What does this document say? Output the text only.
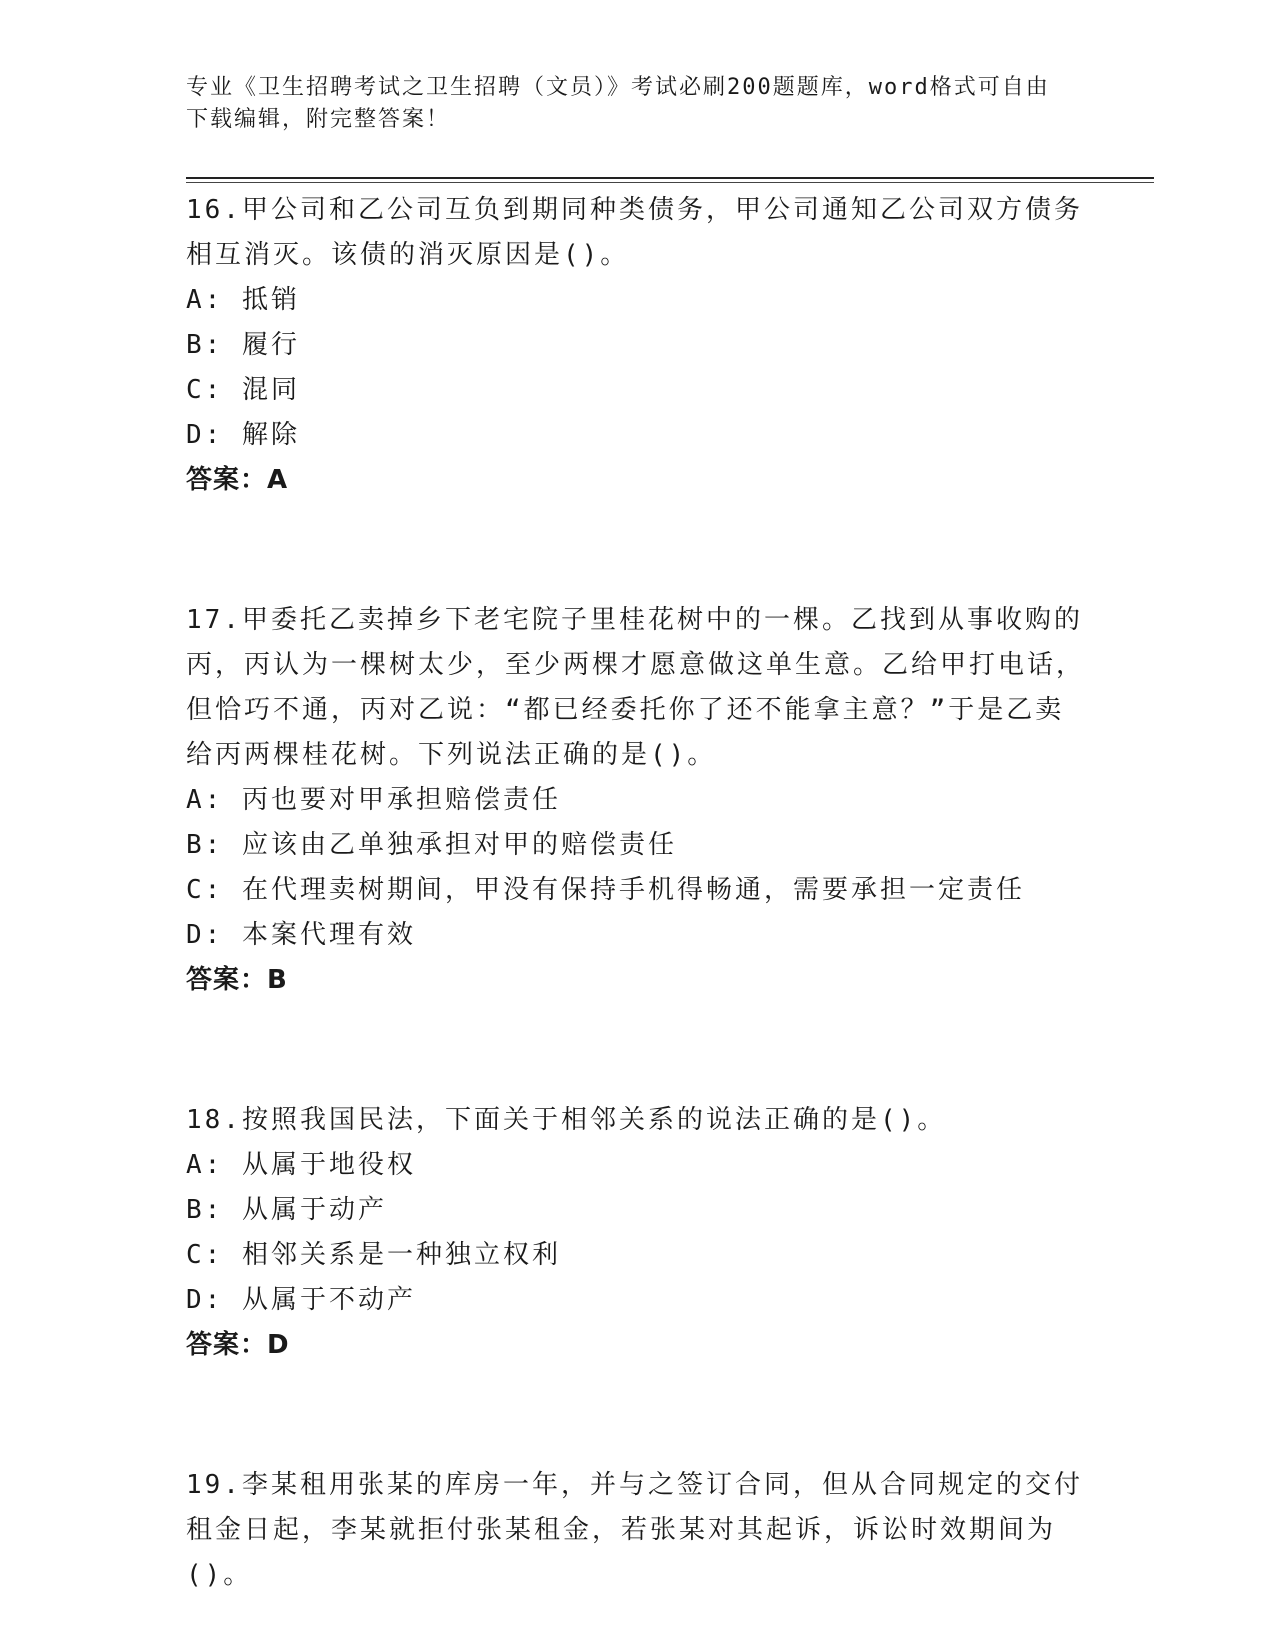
专业《卫生招聘考试之卫生招聘（文员）》考试必刷200题题库，word格式可自由下载编辑，附完整答案！

16.甲公司和乙公司互负到期同种类债务，甲公司通知乙公司双方债务相互消灭。该债的消灭原因是()。

A: 抵销

B: 履行

C: 混同

D: 解除

答案：A

17.甲委托乙卖掉乡下老宅院子里桂花树中的一棵。乙找到从事收购的丙，丙认为一棵树太少，至少两棵才愿意做这单生意。乙给甲打电话，但恰巧不通，丙对乙说：“都已经委托你了还不能拿主意？”于是乙卖给丙两棵桂花树。下列说法正确的是()。

A: 丙也要对甲承担赔偿责任

B: 应该由乙单独承担对甲的赔偿责任

C: 在代理卖树期间，甲没有保持手机得畅通，需要承担一定责任

D: 本案代理有效

答案：B

18.按照我国民法，下面关于相邻关系的说法正确的是()。

A: 从属于地役权

B: 从属于动产

C: 相邻关系是一种独立权利

D: 从属于不动产

答案：D

19.李某租用张某的库房一年，并与之签订合同，但从合同规定的交付租金日起，李某就拒付张某租金，若张某对其起诉，诉讼时效期间为()。
